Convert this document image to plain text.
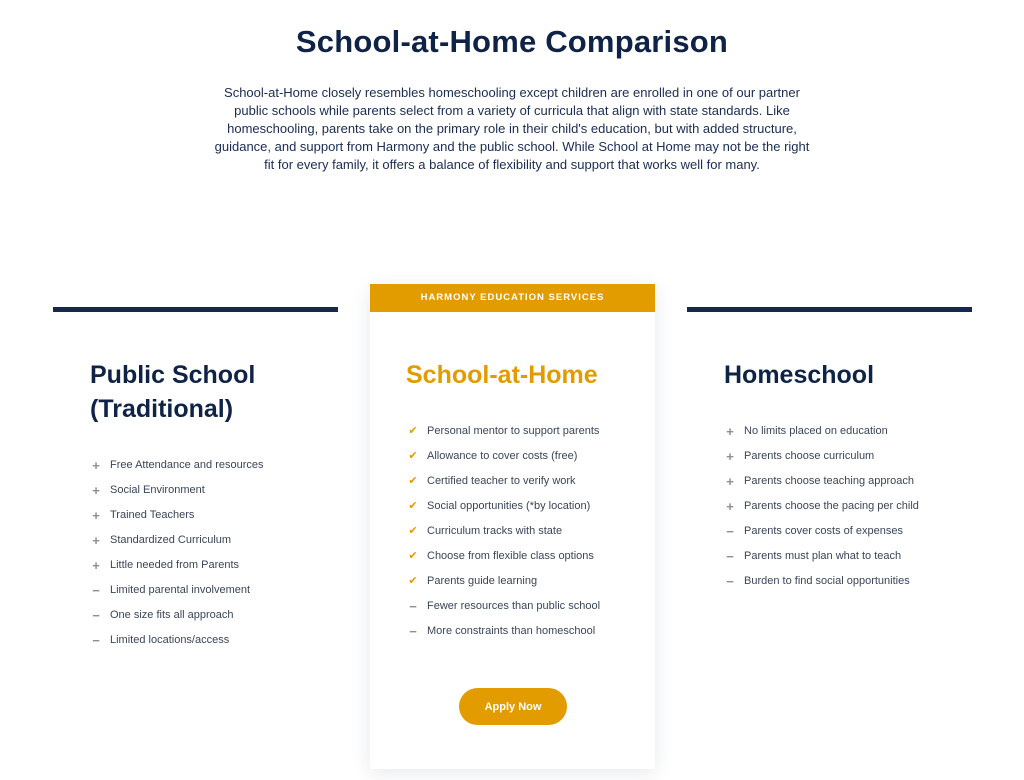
School-at-Home Comparison

School-at-Home closely resembles homeschooling except children are enrolled in one of our partner public schools while parents select from a variety of curricula that align with state standards. Like homeschooling, parents take on the primary role in their child's education, but with added structure, guidance, and support from Harmony and the public school. While School at Home may not be the right fit for every family, it offers a balance of flexibility and support that works well for many.

Public School (Traditional)
+ Free Attendance and resources
+ Social Environment
+ Trained Teachers
+ Standardized Curriculum
+ Little needed from Parents
− Limited parental involvement
− One size fits all approach
− Limited locations/access
HARMONY EDUCATION SERVICES
School-at-Home
✔ Personal mentor to support parents
✔ Allowance to cover costs (free)
✔ Certified teacher to verify work
✔ Social opportunities (*by location)
✔ Curriculum tracks with state
✔ Choose from flexible class options
✔ Parents guide learning
− Fewer resources than public school
− More constraints than homeschool
Apply Now
Homeschool
+ No limits placed on education
+ Parents choose curriculum
+ Parents choose teaching approach
+ Parents choose the pacing per child
− Parents cover costs of expenses
− Parents must plan what to teach
− Burden to find social opportunities
